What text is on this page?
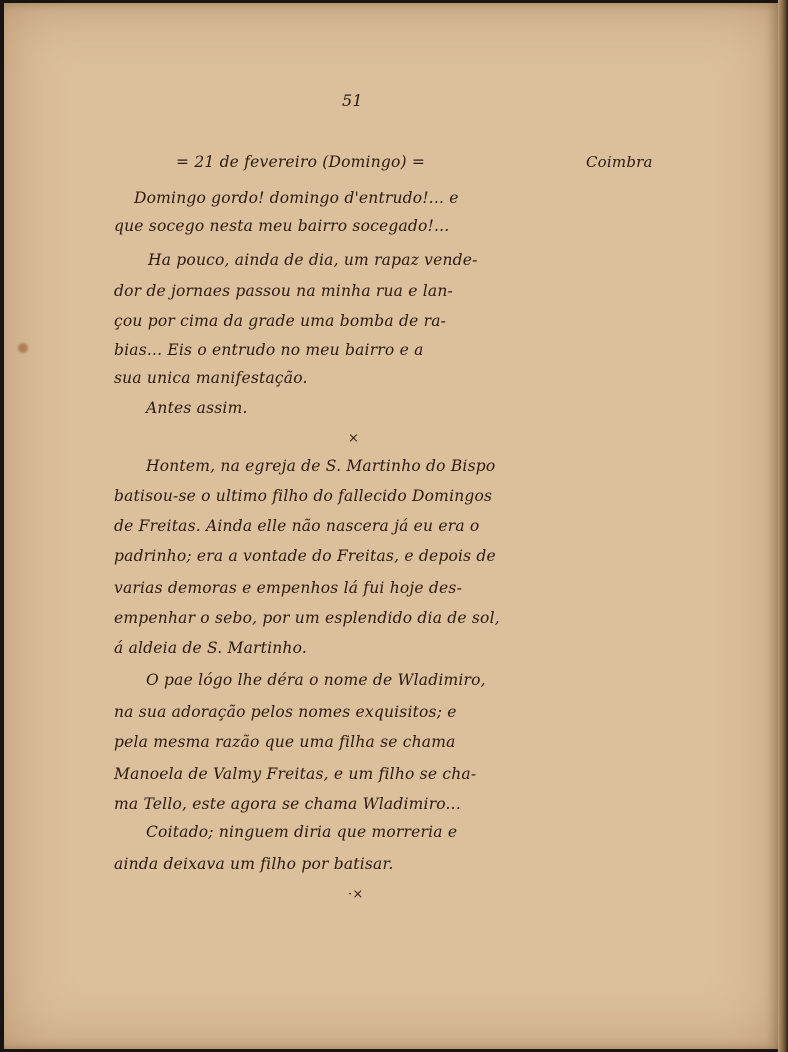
51
= 21 de fevereiro (Domingo) =	Coimbra
Domingo gordo! domingo d'entrudo!... e
que socego nesta meu bairro socegado!...
Ha pouco, ainda de dia, um rapaz vende-
dor de jornaes passou na minha rua e lan-
çou por cima da grade uma bomba de ra-
bias... Eis o entrudo no meu bairro e a
sua unica manifestação.
Antes assim.
×
Hontem, na egreja de S. Martinho do Bispo
batisou-se o ultimo filho do fallecido Domingos
de Freitas. Ainda elle não nascera já eu era o
padrinho; era a vontade do Freitas, e depois de
varias demoras e empenhos lá fui hoje des-
empenhar o sebo, por um esplendido dia de sol,
á aldeia de S. Martinho.
O pae lógo lhe déra o nome de Wladimiro,
na sua adoração pelos nomes exquisitos; e
pela mesma razão que uma filha se chama
Manoela de Valmy Freitas, e um filho se cha-
ma Tello, este agora se chama Wladimiro...
Coitado; ninguem diria que morreria e
ainda deixava um filho por batisar.
·×
